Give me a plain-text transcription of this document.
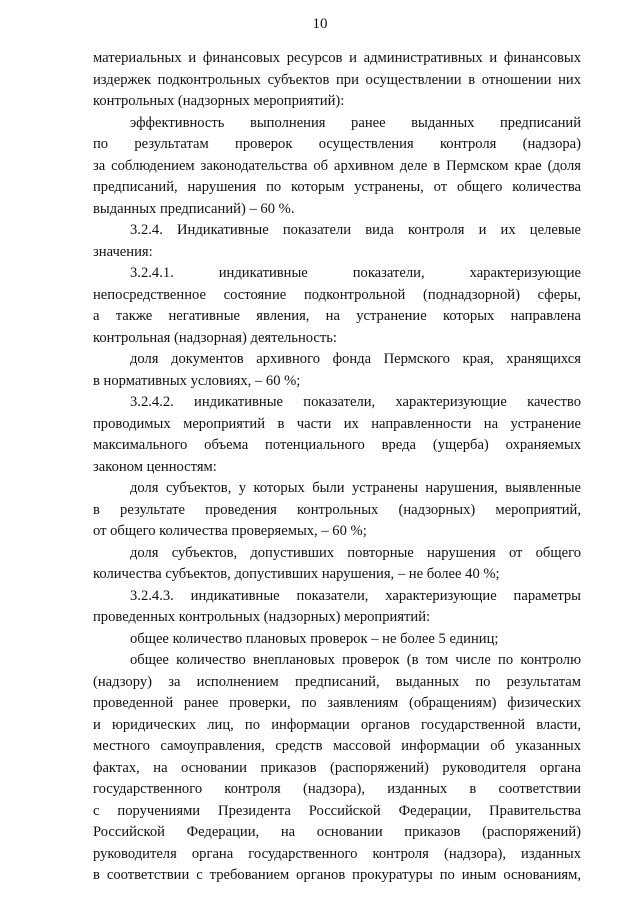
10
материальных и финансовых ресурсов и административных и финансовых
издержек подконтрольных субъектов при осуществлении в отношении них
контрольных (надзорных мероприятий):
эффективность выполнения ранее выданных предписаний
по результатам проверок осуществления контроля (надзора)
за соблюдением законодательства об архивном деле в Пермском крае (доля
предписаний, нарушения по которым устранены, от общего количества
выданных предписаний) – 60 %.
3.2.4. Индикативные показатели вида контроля и их целевые
значения:
3.2.4.1. индикативные показатели, характеризующие
непосредственное состояние подконтрольной (поднадзорной) сферы,
а также негативные явления, на устранение которых направлена
контрольная (надзорная) деятельность:
доля документов архивного фонда Пермского края, хранящихся
в нормативных условиях, – 60 %;
3.2.4.2. индикативные показатели, характеризующие качество
проводимых мероприятий в части их направленности на устранение
максимального объема потенциального вреда (ущерба) охраняемых
законом ценностям:
доля субъектов, у которых были устранены нарушения, выявленные
в результате проведения контрольных (надзорных) мероприятий,
от общего количества проверяемых, – 60 %;
доля субъектов, допустивших повторные нарушения от общего
количества субъектов, допустивших нарушения, – не более 40 %;
3.2.4.3. индикативные показатели, характеризующие параметры
проведенных контрольных (надзорных) мероприятий:
общее количество плановых проверок – не более 5 единиц;
общее количество внеплановых проверок (в том числе по контролю
(надзору) за исполнением предписаний, выданных по результатам
проведенной ранее проверки, по заявлениям (обращениям) физических
и юридических лиц, по информации органов государственной власти,
местного самоуправления, средств массовой информации об указанных
фактах, на основании приказов (распоряжений) руководителя органа
государственного контроля (надзора), изданных в соответствии
с поручениями Президента Российской Федерации, Правительства
Российской Федерации, на основании приказов (распоряжений)
руководителя органа государственного контроля (надзора), изданных
в соответствии с требованием органов прокуратуры по иным основаниям,
